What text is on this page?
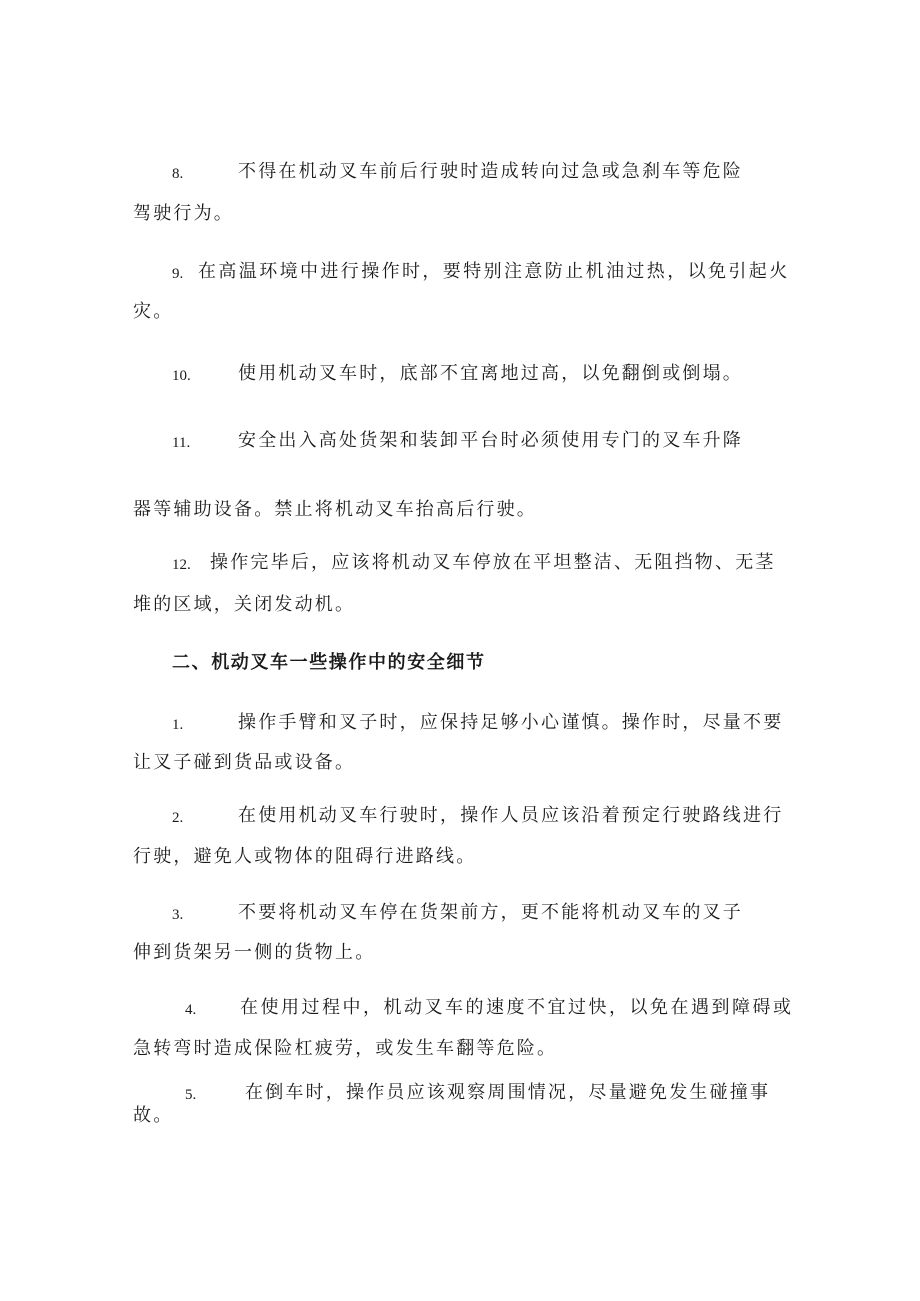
8.	不得在机动叉车前后行驶时造成转向过急或急刹车等危险
驾驶行为。
9. 在高温环境中进行操作时，要特别注意防止机油过热，以免引起火
灾。
10.	使用机动叉车时，底部不宜离地过高，以免翻倒或倒塌。
11.	安全出入高处货架和装卸平台时必须使用专门的叉车升降
器等辅助设备。禁止将机动叉车抬高后行驶。
12. 操作完毕后，应该将机动叉车停放在平坦整洁、无阻挡物、无茎
堆的区域，关闭发动机。
二、机动叉车一些操作中的安全细节
1.	操作手臂和叉子时，应保持足够小心谨慎。操作时，尽量不要
让叉子碰到货品或设备。
2.	在使用机动叉车行驶时，操作人员应该沿着预定行驶路线进行
行驶，避免人或物体的阻碍行进路线。
3.	不要将机动叉车停在货架前方，更不能将机动叉车的叉子
伸到货架另一侧的货物上。
4. 在使用过程中，机动叉车的速度不宜过快，以免在遇到障碍或
急转弯时造成保险杠疲劳，或发生车翻等危险。
5.	在倒车时，操作员应该观察周围情况，尽量避免发生碰撞事
故。
